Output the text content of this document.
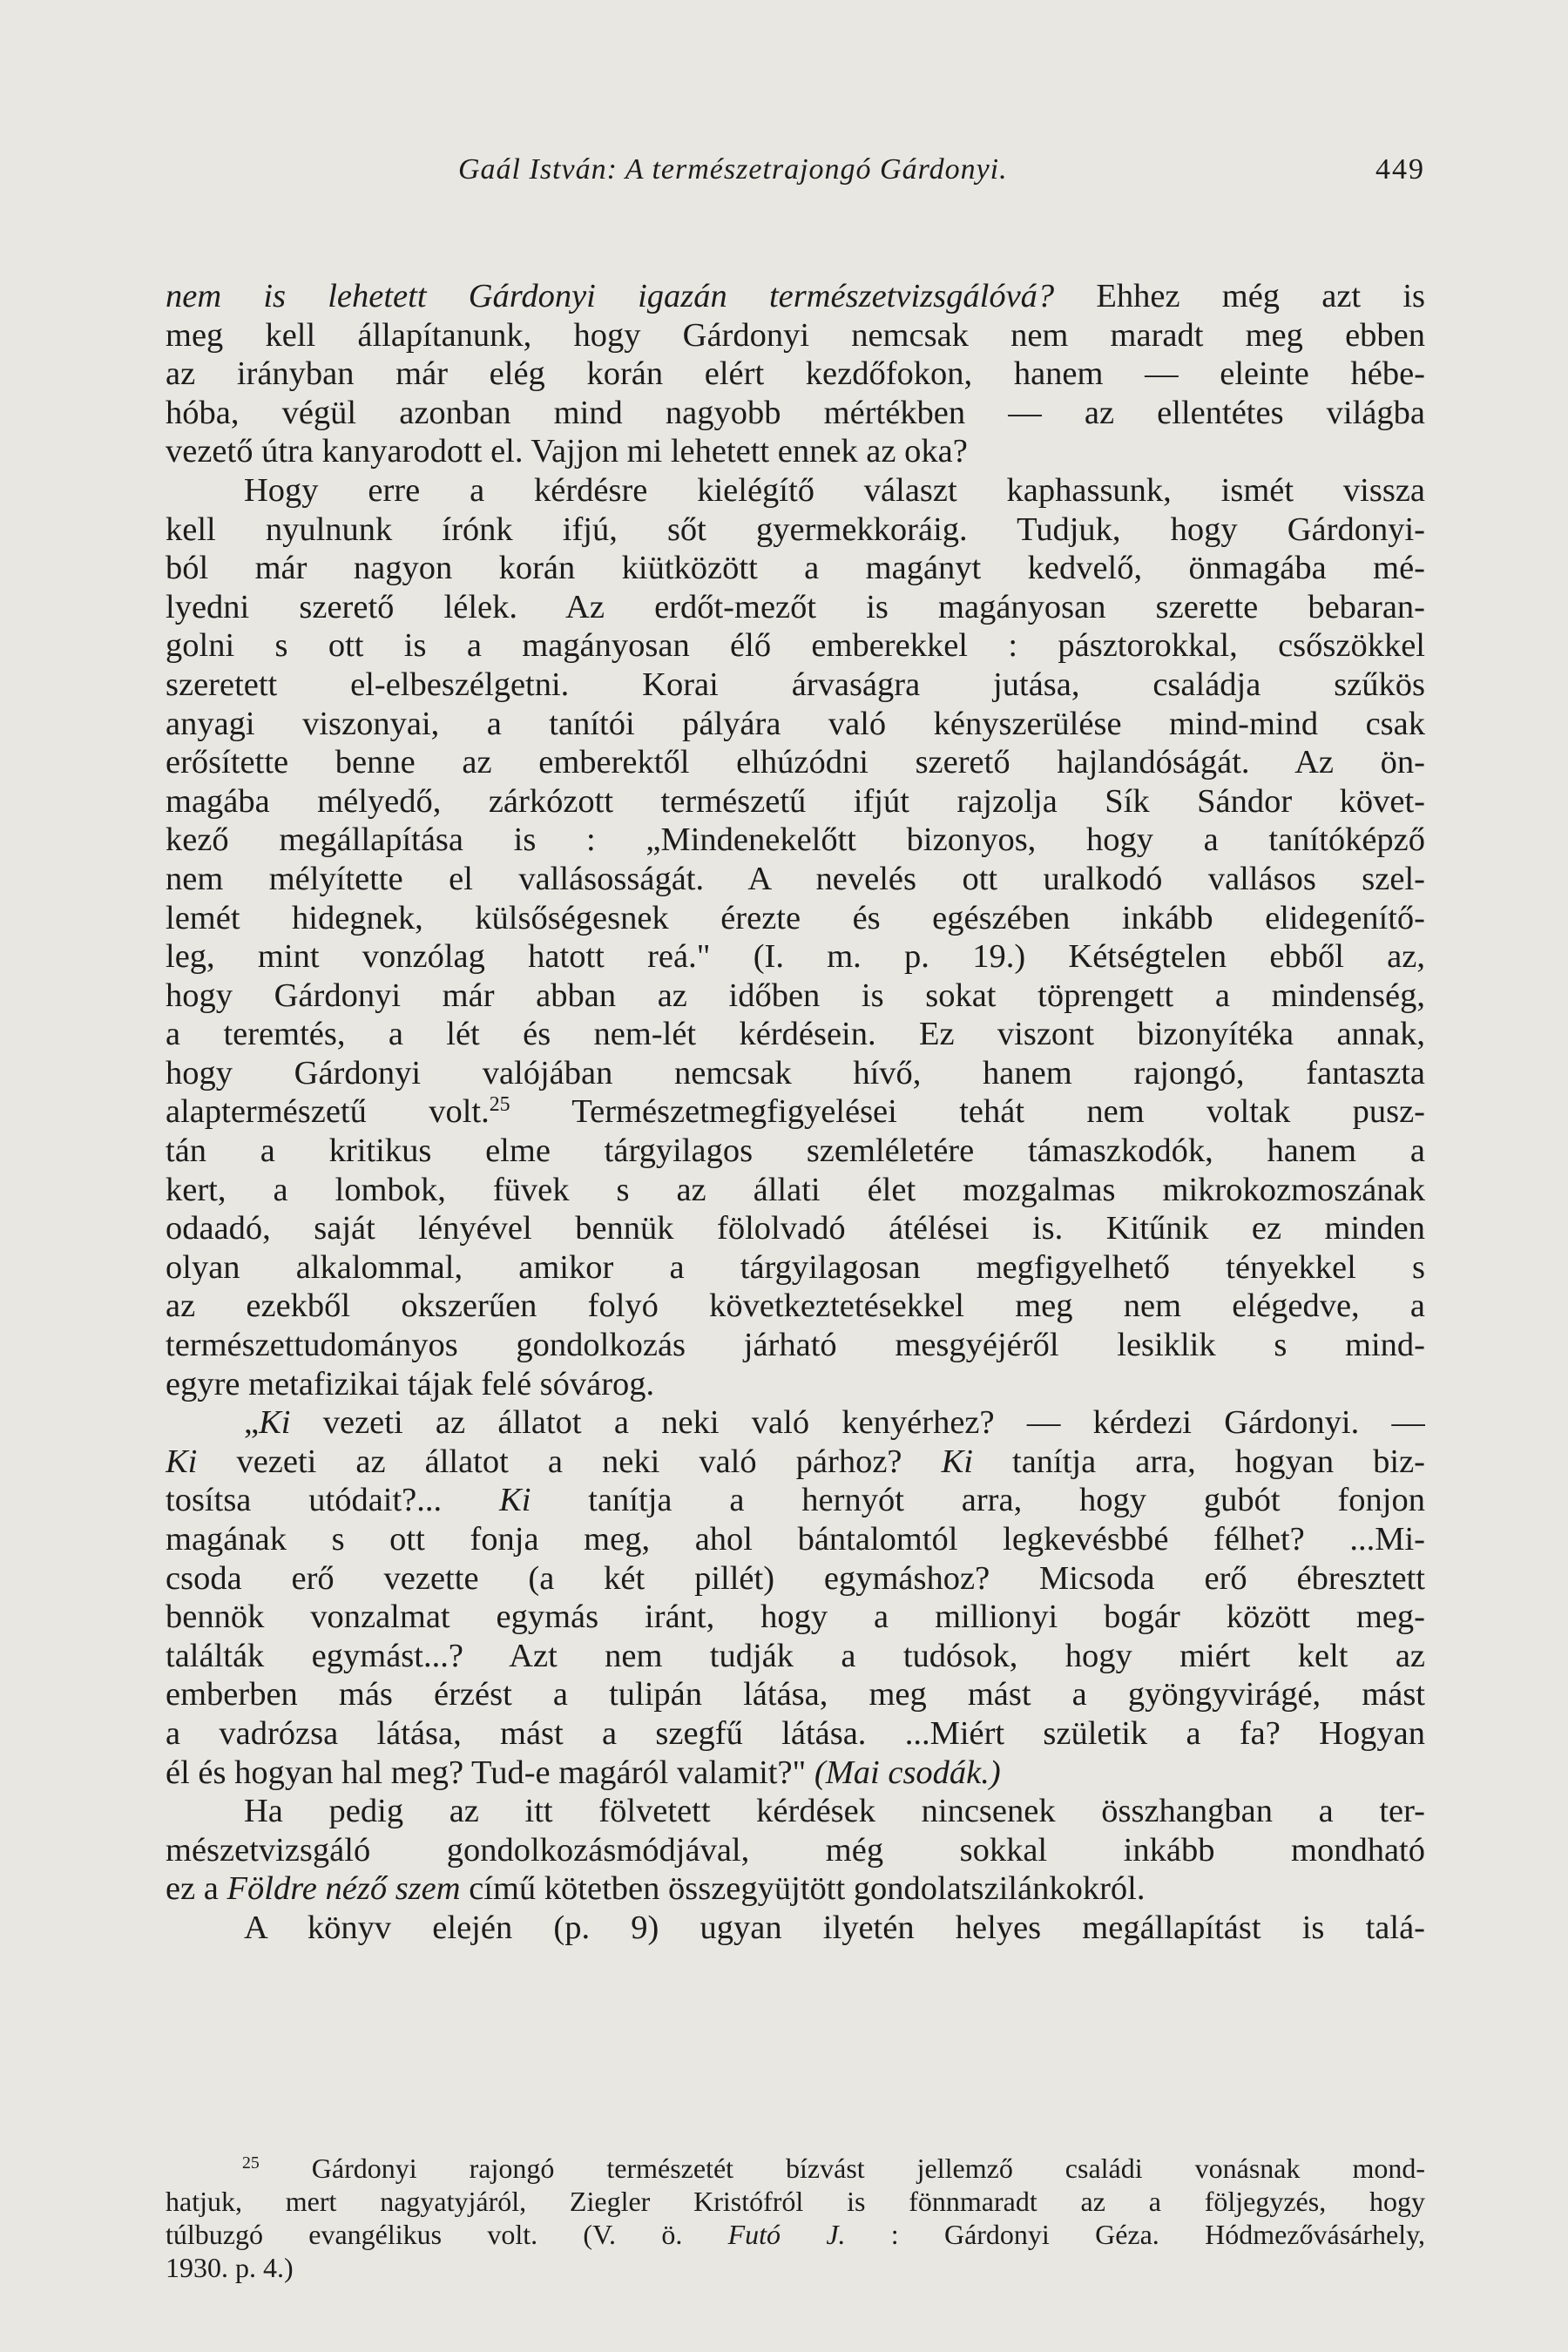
Gaál István: A természetrajongó Gárdonyi.	449
nem is lehetett Gárdonyi igazán természetvizsgálóvá? Ehhez még azt is
meg kell állapítanunk, hogy Gárdonyi nemcsak nem maradt meg ebben
az irányban már elég korán elért kezdőfokon, hanem — eleinte hébe-
hóba, végül azonban mind nagyobb mértékben — az ellentétes világba
vezető útra kanyarodott el. Vajjon mi lehetett ennek az oka?
Hogy erre a kérdésre kielégítő választ kaphassunk, ismét vissza
kell nyulnunk írónk ifjú, sőt gyermekkoráig. Tudjuk, hogy Gárdonyi-
ból már nagyon korán kiütközött a magányt kedvelő, önmagába mé-
lyedni szerető lélek. Az erdőt-mezőt is magányosan szerette bebaran-
golni s ott is a magányosan élő emberekkel : pásztorokkal, csőszökkel
szeretett el-elbeszélgetni. Korai árvaságra jutása, családja szűkös
anyagi viszonyai, a tanítói pályára való kényszerülése mind-mind csak
erősítette benne az emberektől elhúzódni szerető hajlandóságát. Az ön-
magába mélyedő, zárkózott természetű ifjút rajzolja Sík Sándor követ-
kező megállapítása is : „Mindenekelőtt bizonyos, hogy a tanítóképző
nem mélyítette el vallásosságát. A nevelés ott uralkodó vallásos szel-
lemét hidegnek, külsőségesnek érezte és egészében inkább elidegenítő-
leg, mint vonzólag hatott reá." (I. m. p. 19.) Kétségtelen ebből az,
hogy Gárdonyi már abban az időben is sokat töprengett a mindenség,
a teremtés, a lét és nem-lét kérdésein. Ez viszont bizonyítéka annak,
hogy Gárdonyi valójában nemcsak hívő, hanem rajongó, fantaszta
alaptermészetű volt.$^{25}$ Természetmegfigyelései tehát nem voltak pusz-
tán a kritikus elme tárgyilagos szemléletére támaszkodók, hanem a
kert, a lombok, füvek s az állati élet mozgalmas mikrokozmoszának
odaadó, saját lényével bennük fölolvadó átélései is. Kitűnik ez minden
olyan alkalommal, amikor a tárgyilagosan megfigyelhető tényekkel s
az ezekből okszerűen folyó következtetésekkel meg nem elégedve, a
természettudományos gondolkozás járható mesgyéjéről lesiklik s mind-
egyre metafizikai tájak felé sóvárog.
„Ki vezeti az állatot a neki való kenyérhez? — kérdezi Gárdonyi. —
Ki vezeti az állatot a neki való párhoz? Ki tanítja arra, hogyan biz-
tosítsa utódait?... Ki tanítja a hernyót arra, hogy gubót fonjon
magának s ott fonja meg, ahol bántalomtól legkevésbbé félhet? ...Mi-
csoda erő vezette (a két pillét) egymáshoz? Micsoda erő ébresztett
bennök vonzalmat egymás iránt, hogy a millionyi bogár között meg-
találták egymást...? Azt nem tudják a tudósok, hogy miért kelt az
emberben más érzést a tulipán látása, meg mást a gyöngyvirágé, mást
a vadrózsa látása, mást a szegfű látása. ...Miért születik a fa? Hogyan
él és hogyan hal meg? Tud-e magáról valamit?" (Mai csodák.)
Ha pedig az itt fölvetett kérdések nincsenek összhangban a ter-
mészetvizsgáló gondolkozásmódjával, még sokkal inkább mondható
ez a Földre néző szem című kötetben összegyüjtött gondolatszilánkokról.
A könyv elején (p. 9) ugyan ilyetén helyes megállapítást is talá-
$^{25}$ Gárdonyi rajongó természetét bízvást jellemző családi vonásnak mond-
hatjuk, mert nagyatyjáról, Ziegler Kristófról is fönnmaradt az a följegyzés, hogy
túlbuzgó evangélikus volt. (V. ö. Futó J. : Gárdonyi Géza. Hódmezővásárhely,
1930. p. 4.)
